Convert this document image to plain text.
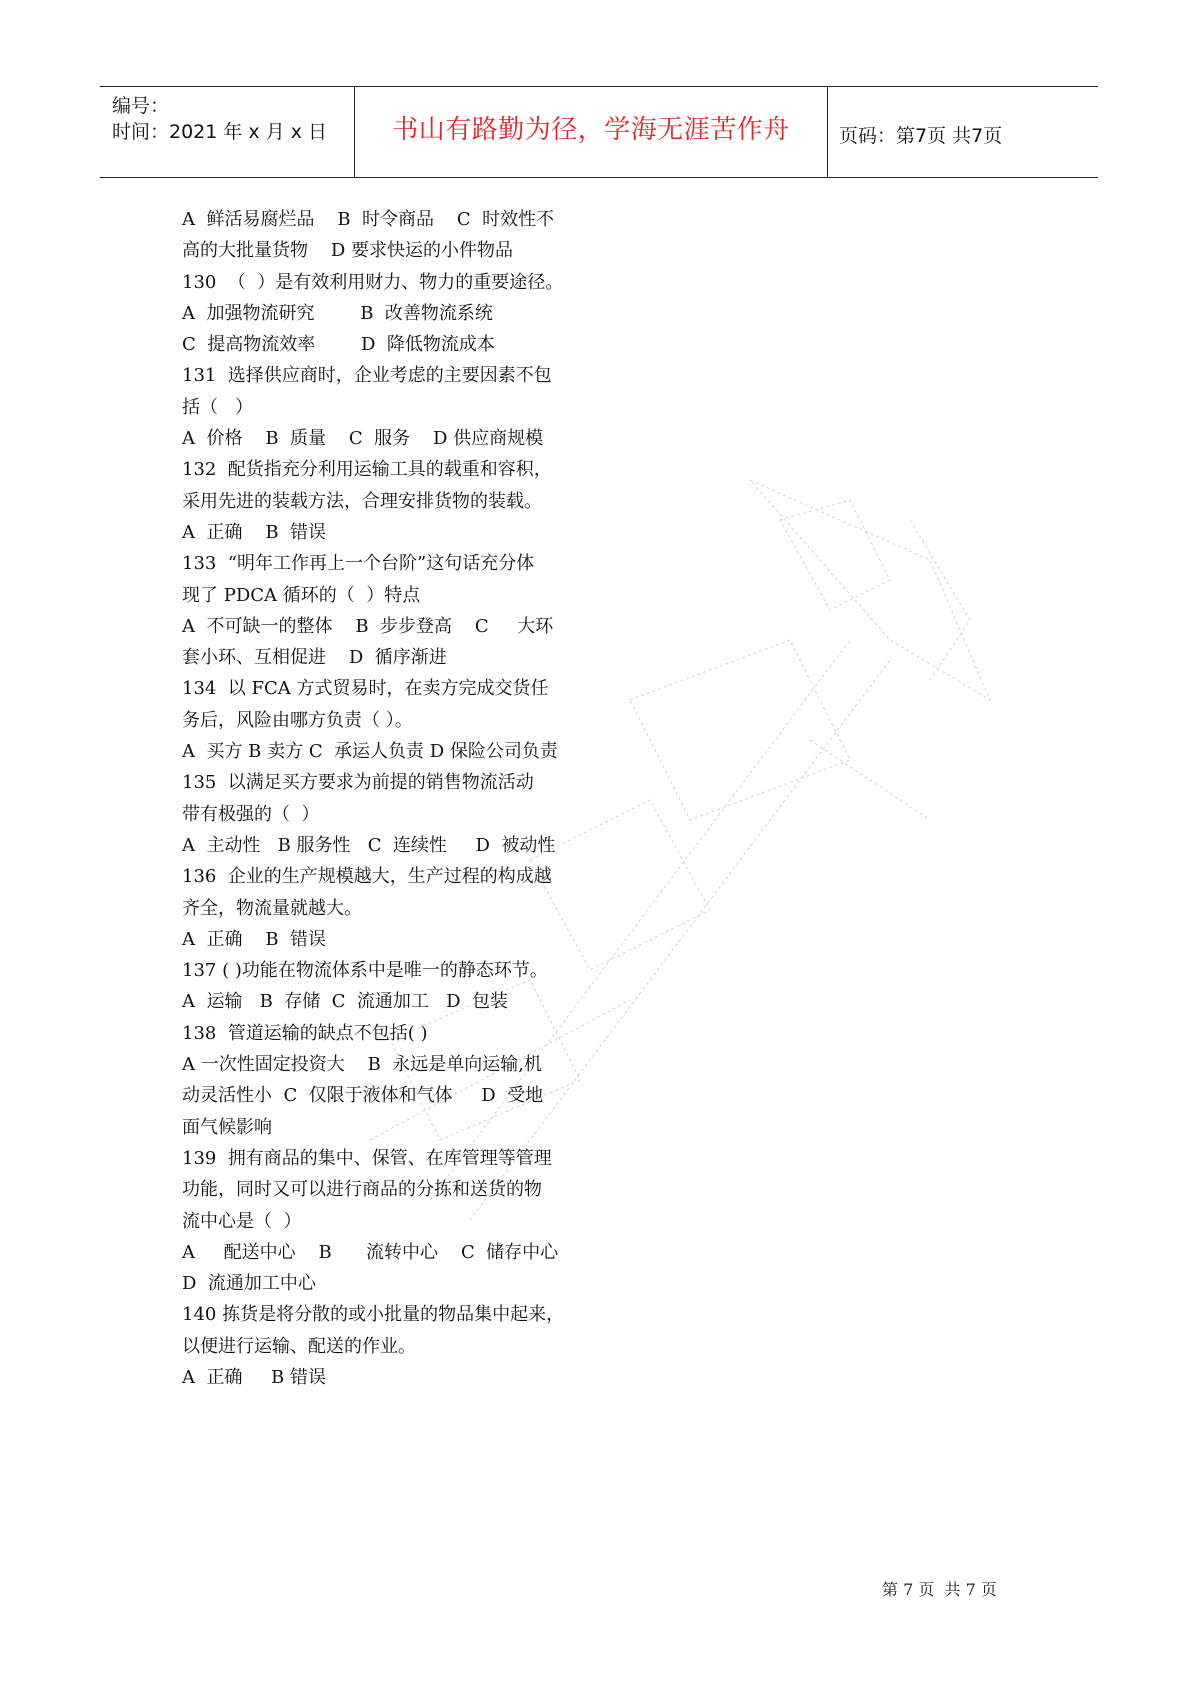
编号：
时间：2021 年 x 月 x 日	书山有路勤为径，学海无涯苦作舟	页码：第7页 共7页
A  鲜活易腐烂品    B  时令商品    C  时效性不
高的大批量货物    D 要求快运的小件物品
130  （  ）是有效利用财力、物力的重要途径。
A  加强物流研究        B  改善物流系统
C  提高物流效率        D  降低物流成本
131  选择供应商时，企业考虑的主要因素不包
括（   ）
A  价格    B  质量    C  服务    D 供应商规模
132  配货指充分利用运输工具的载重和容积，
采用先进的装载方法，合理安排货物的装载。
A  正确    B  错误
133  “明年工作再上一个台阶”这句话充分体
现了 PDCA 循环的（  ）特点
A  不可缺一的整体    B  步步登高    C     大环
套小环、互相促进    D  循序渐进
134  以 FCA 方式贸易时，在卖方完成交货任
务后，风险由哪方负责（ ）。
A  买方 B 卖方 C  承运人负责 D 保险公司负责
135  以满足买方要求为前提的销售物流活动
带有极强的（  ）
A  主动性   B 服务性   C  连续性     D  被动性
136  企业的生产规模越大，生产过程的构成越
齐全，物流量就越大。
A  正确    B  错误
137 ( )功能在物流体系中是唯一的静态环节。
A  运输   B  存储  C  流通加工   D  包装
138  管道运输的缺点不包括( )
A 一次性固定投资大    B  永远是单向运输,机
动灵活性小  C  仅限于液体和气体     D  受地
面气候影响
139  拥有商品的集中、保管、在库管理等管理
功能，同时又可以进行商品的分拣和送货的物
流中心是（  ）
A     配送中心    B      流转中心    C  储存中心
D  流通加工中心
140 拣货是将分散的或小批量的物品集中起来，
以便进行运输、配送的作业。
A  正确     B 错误
第 7 页  共 7 页
